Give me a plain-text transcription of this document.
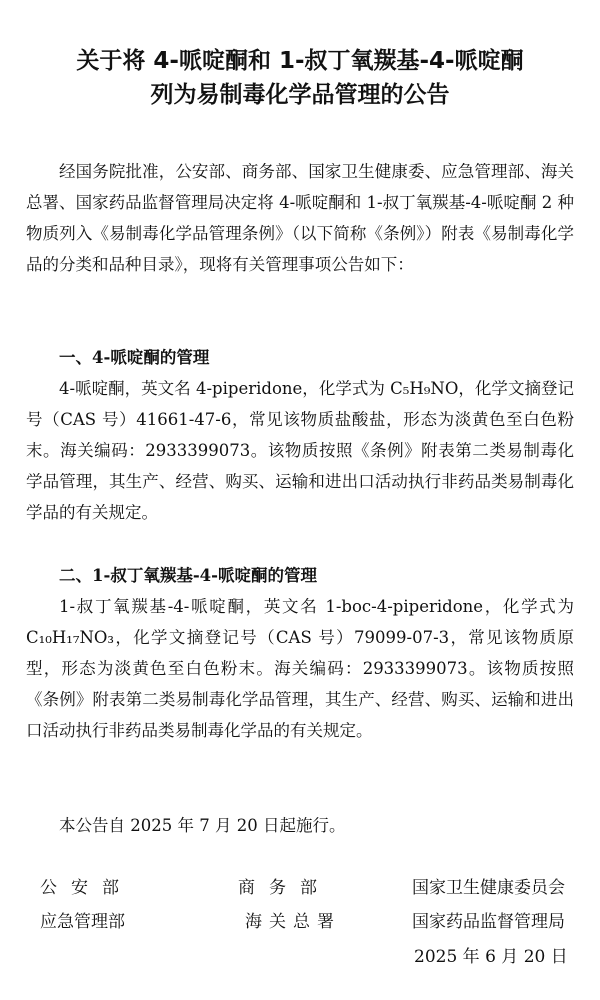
关于将 4-哌啶酮和 1-叔丁氧羰基-4-哌啶酮
列为易制毒化学品管理的公告

经国务院批准，公安部、商务部、国家卫生健康委、应急管理部、海关总署、国家药品监督管理局决定将 4-哌啶酮和 1-叔丁氧羰基-4-哌啶酮 2 种物质列入《易制毒化学品管理条例》（以下简称《条例》）附表《易制毒化学品的分类和品种目录》，现将有关管理事项公告如下：

一、4-哌啶酮的管理

4-哌啶酮，英文名 4-piperidone，化学式为 C₅H₉NO，化学文摘登记号（CAS 号）41661-47-6，常见该物质盐酸盐，形态为淡黄色至白色粉末。海关编码：2933399073。该物质按照《条例》附表第二类易制毒化学品管理，其生产、经营、购买、运输和进出口活动执行非药品类易制毒化学品的有关规定。

二、1-叔丁氧羰基-4-哌啶酮的管理

1-叔丁氧羰基-4-哌啶酮，英文名 1-boc-4-piperidone，化学式为 C₁₀H₁₇NO₃，化学文摘登记号（CAS 号）79099-07-3，常见该物质原型，形态为淡黄色至白色粉末。海关编码：2933399073。该物质按照《条例》附表第二类易制毒化学品管理，其生产、经营、购买、运输和进出口活动执行非药品类易制毒化学品的有关规定。

本公告自 2025 年 7 月 20 日起施行。

公安部	商务部	国家卫生健康委员会
应急管理部	海关总署	国家药品监督管理局
2025 年 6 月 20 日
